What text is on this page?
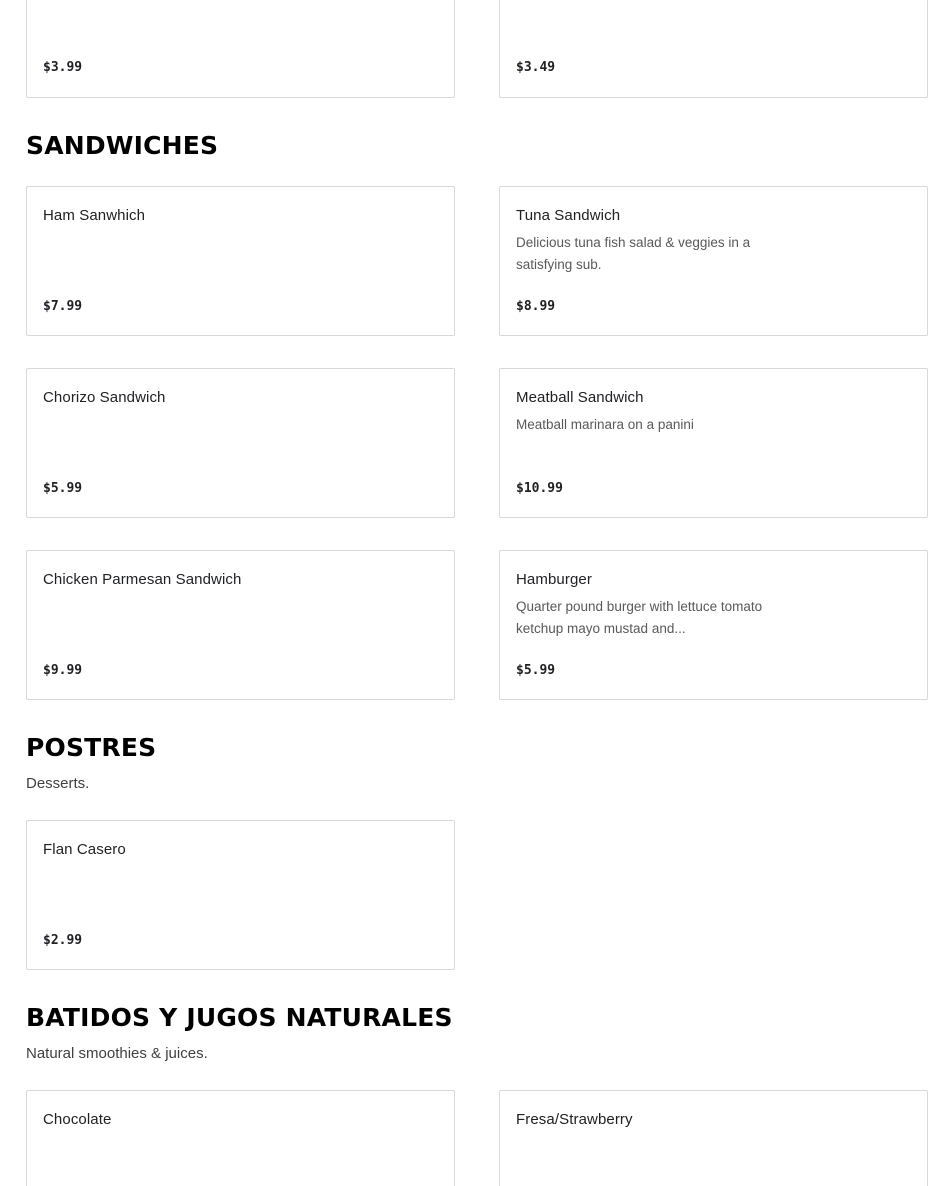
$3.99	$3.49
SANDWICHES
Ham Sanwhich
$7.99
Tuna Sandwich
Delicious tuna fish salad & veggies in a satisfying sub.
$8.99
Chorizo Sandwich
$5.99
Meatball Sandwich
Meatball marinara on a panini
$10.99
Chicken Parmesan Sandwich
$9.99
Hamburger
Quarter pound burger with lettuce tomato ketchup mayo mustad and...
$5.99
POSTRES

Desserts.

Flan Casero
$2.99
BATIDOS Y JUGOS NATURALES

Natural smoothies & juices.

Chocolate	Fresa/Strawberry
